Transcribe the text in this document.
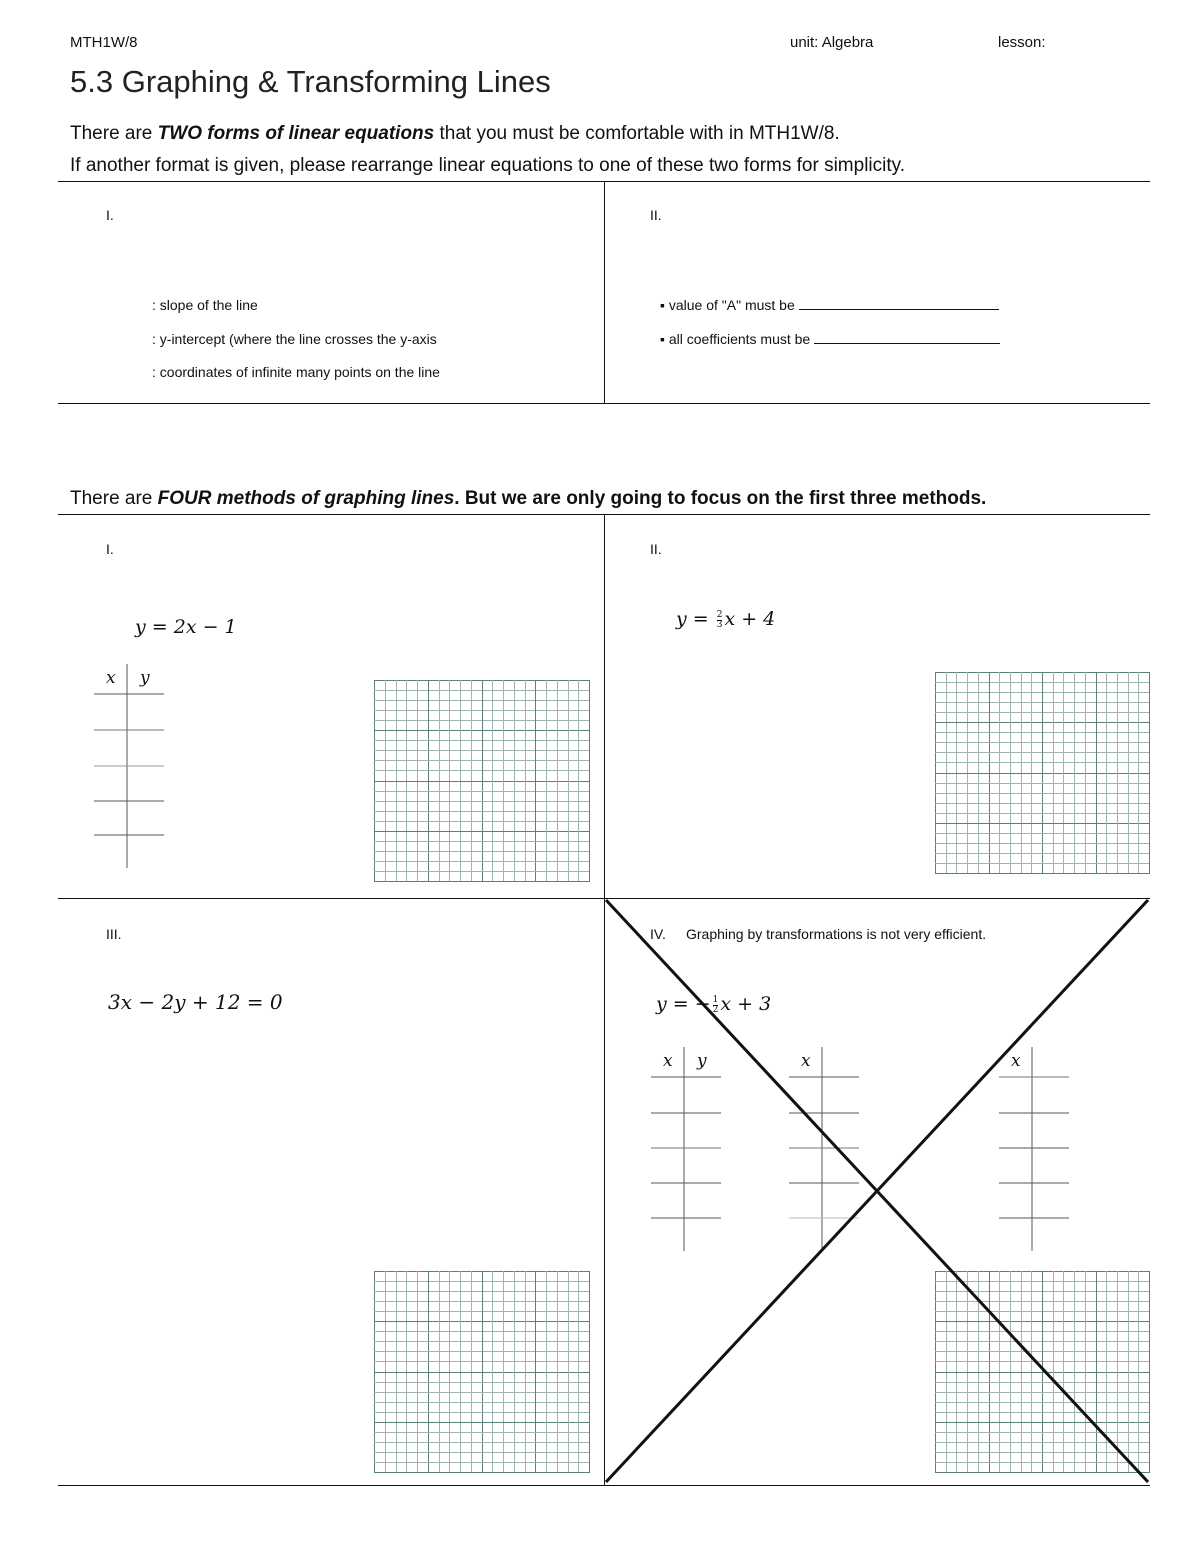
MTH1W/8	unit: Algebra	lesson:
5.3 Graphing & Transforming Lines
There are TWO forms of linear equations that you must be comfortable with in MTH1W/8.
If another format is given, please rearrange linear equations to one of these two forms for simplicity.
I.
: slope of the line
: y-intercept (where the line crosses the y-axis
: coordinates of infinite many points on the line
II.
▪ value of "A" must be
▪ all coefficients must be
There are FOUR methods of graphing lines. But we are only going to focus on the first three methods.
I.
y = 2x − 1
x y
II.
$y = \frac{2}{3}$ x + 4
III.
3x − 2y + 12 = 0
IV. Graphing by transformations is not very efficient.
y = − $\frac{1}{2}$ x + 3
x y	x	x
